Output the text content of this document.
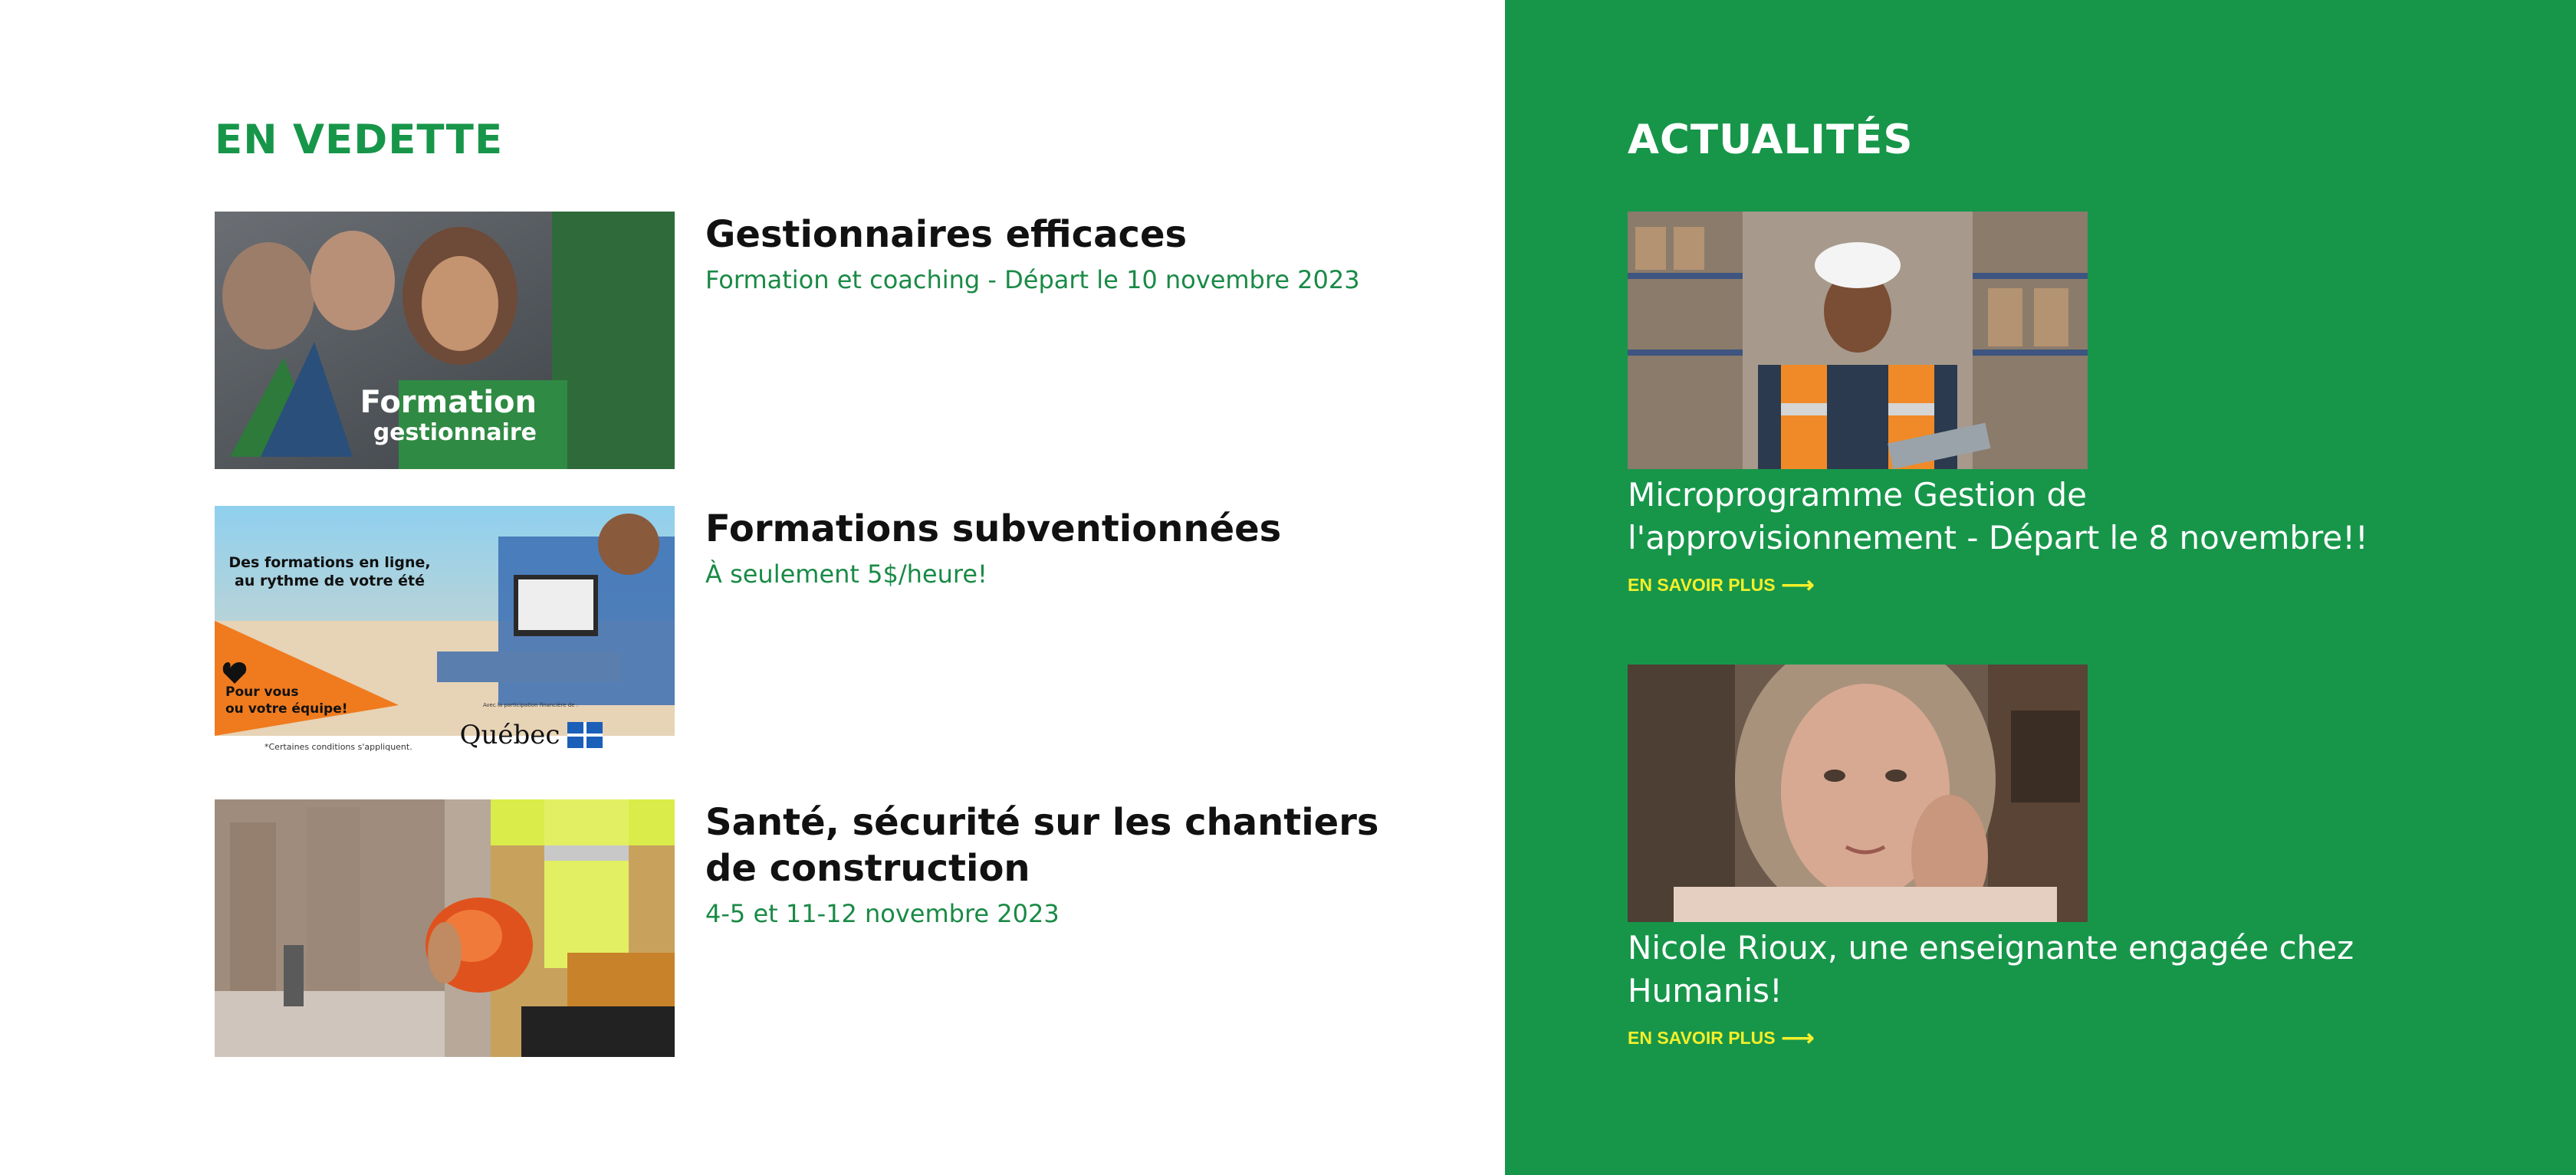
EN VEDETTE
Formation
gestionnaire
Gestionnaires efficaces

Formation et coaching - Départ le 10 novembre 2023

Des formations en ligne,
au rythme de votre été
Pour vous
ou votre équipe!	Avec la participation financière de :
*Certaines conditions s'appliquent. Québec
Formations subventionnées

À seulement 5$/heure!

Santé, sécurité sur les chantiers de construction

4-5 et 11-12 novembre 2023

ACTUALITÉS
Microprogramme Gestion de l'approvisionnement - Départ le 8 novembre!!
EN SAVOIR PLUS ⟶
Nicole Rioux, une enseignante engagée chez Humanis!
EN SAVOIR PLUS ⟶
